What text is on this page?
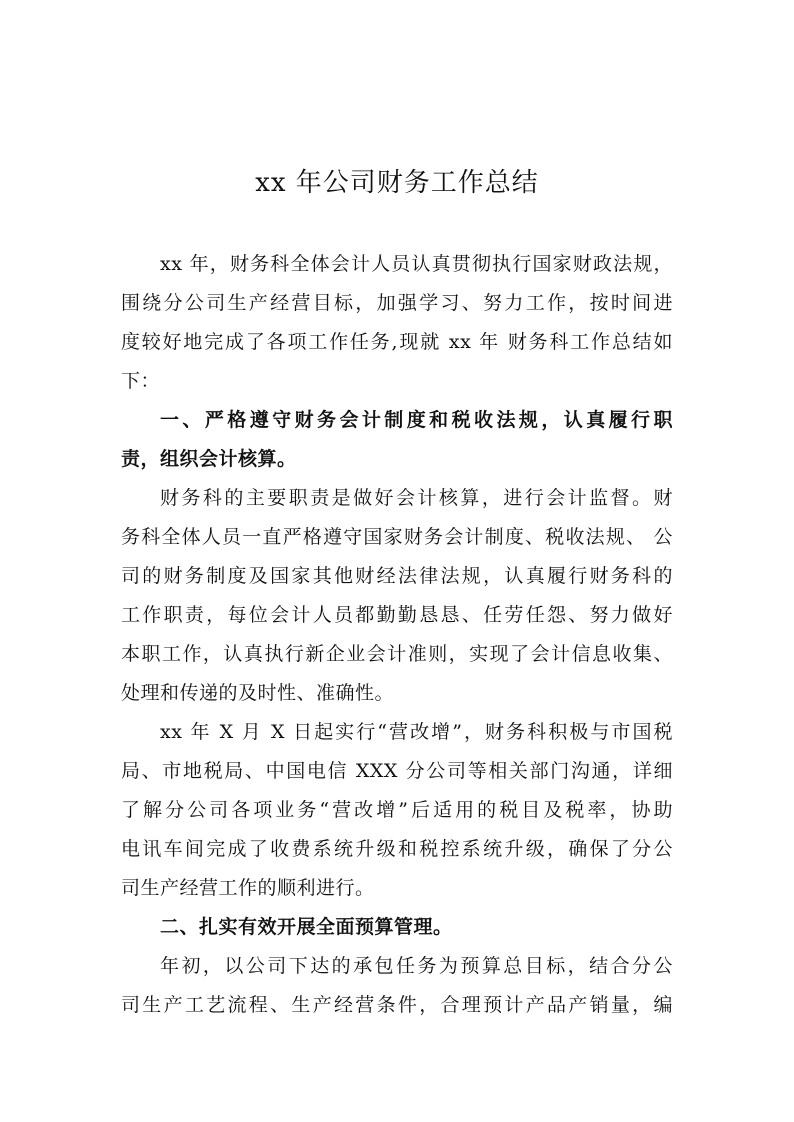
xx 年公司财务工作总结
xx 年，财务科全体会计人员认真贯彻执行国家财政法规，
围绕分公司生产经营目标，加强学习、努力工作，按时间进
度较好地完成了各项工作任务,现就 xx 年 财务科工作总结如
下：
一、严格遵守财务会计制度和税收法规，认真履行职
责，组织会计核算。
财务科的主要职责是做好会计核算，进行会计监督。财
务科全体人员一直严格遵守国家财务会计制度、税收法规、 公
司的财务制度及国家其他财经法律法规，认真履行财务科的
工作职责，每位会计人员都勤勤恳恳、任劳任怨、努力做好
本职工作，认真执行新企业会计准则，实现了会计信息收集、
处理和传递的及时性、准确性。
xx 年 X 月 X 日起实行“营改增”，财务科积极与市国税
局、市地税局、中国电信 XXX 分公司等相关部门沟通，详细
了解分公司各项业务“营改增”后适用的税目及税率，协助
电讯车间完成了收费系统升级和税控系统升级，确保了分公
司生产经营工作的顺利进行。
二、扎实有效开展全面预算管理。
年初，以公司下达的承包任务为预算总目标，结合分公
司生产工艺流程、生产经营条件，合理预计产品产销量，编
